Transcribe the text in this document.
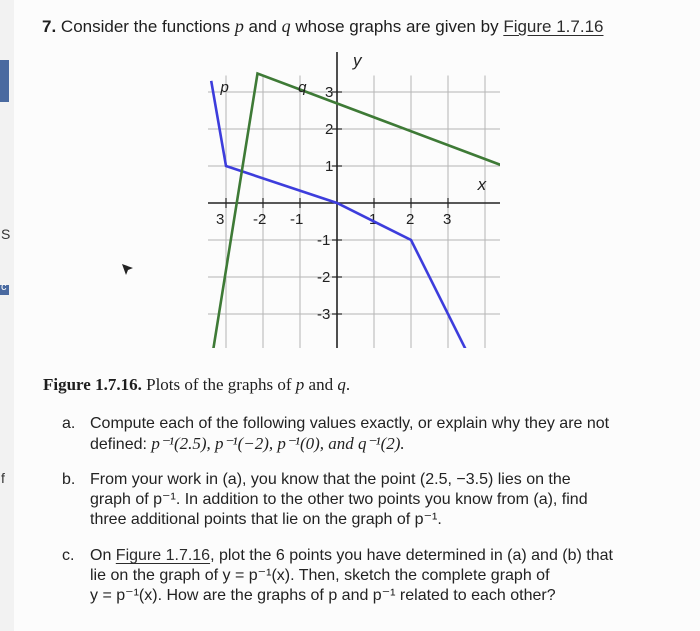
S
c
f
7. Consider the functions p and q whose graphs are given by Figure 1.7.16
x
y
3 -2 -1	1 2 3
3
2
1
-1
-2
-3
p	q
Figure 1.7.16. Plots of the graphs of p and q.
a. Compute each of the following values exactly, or explain why they are not
defined: p⁻¹(2.5), p⁻¹(−2), p⁻¹(0), and q⁻¹(2).
b. From your work in (a), you know that the point (2.5, −3.5) lies on the
graph of p⁻¹. In addition to the other two points you know from (a), find
three additional points that lie on the graph of p⁻¹.
c. On Figure 1.7.16, plot the 6 points you have determined in (a) and (b) that
lie on the graph of y = p⁻¹(x). Then, sketch the complete graph of
y = p⁻¹(x). How are the graphs of p and p⁻¹ related to each other?
